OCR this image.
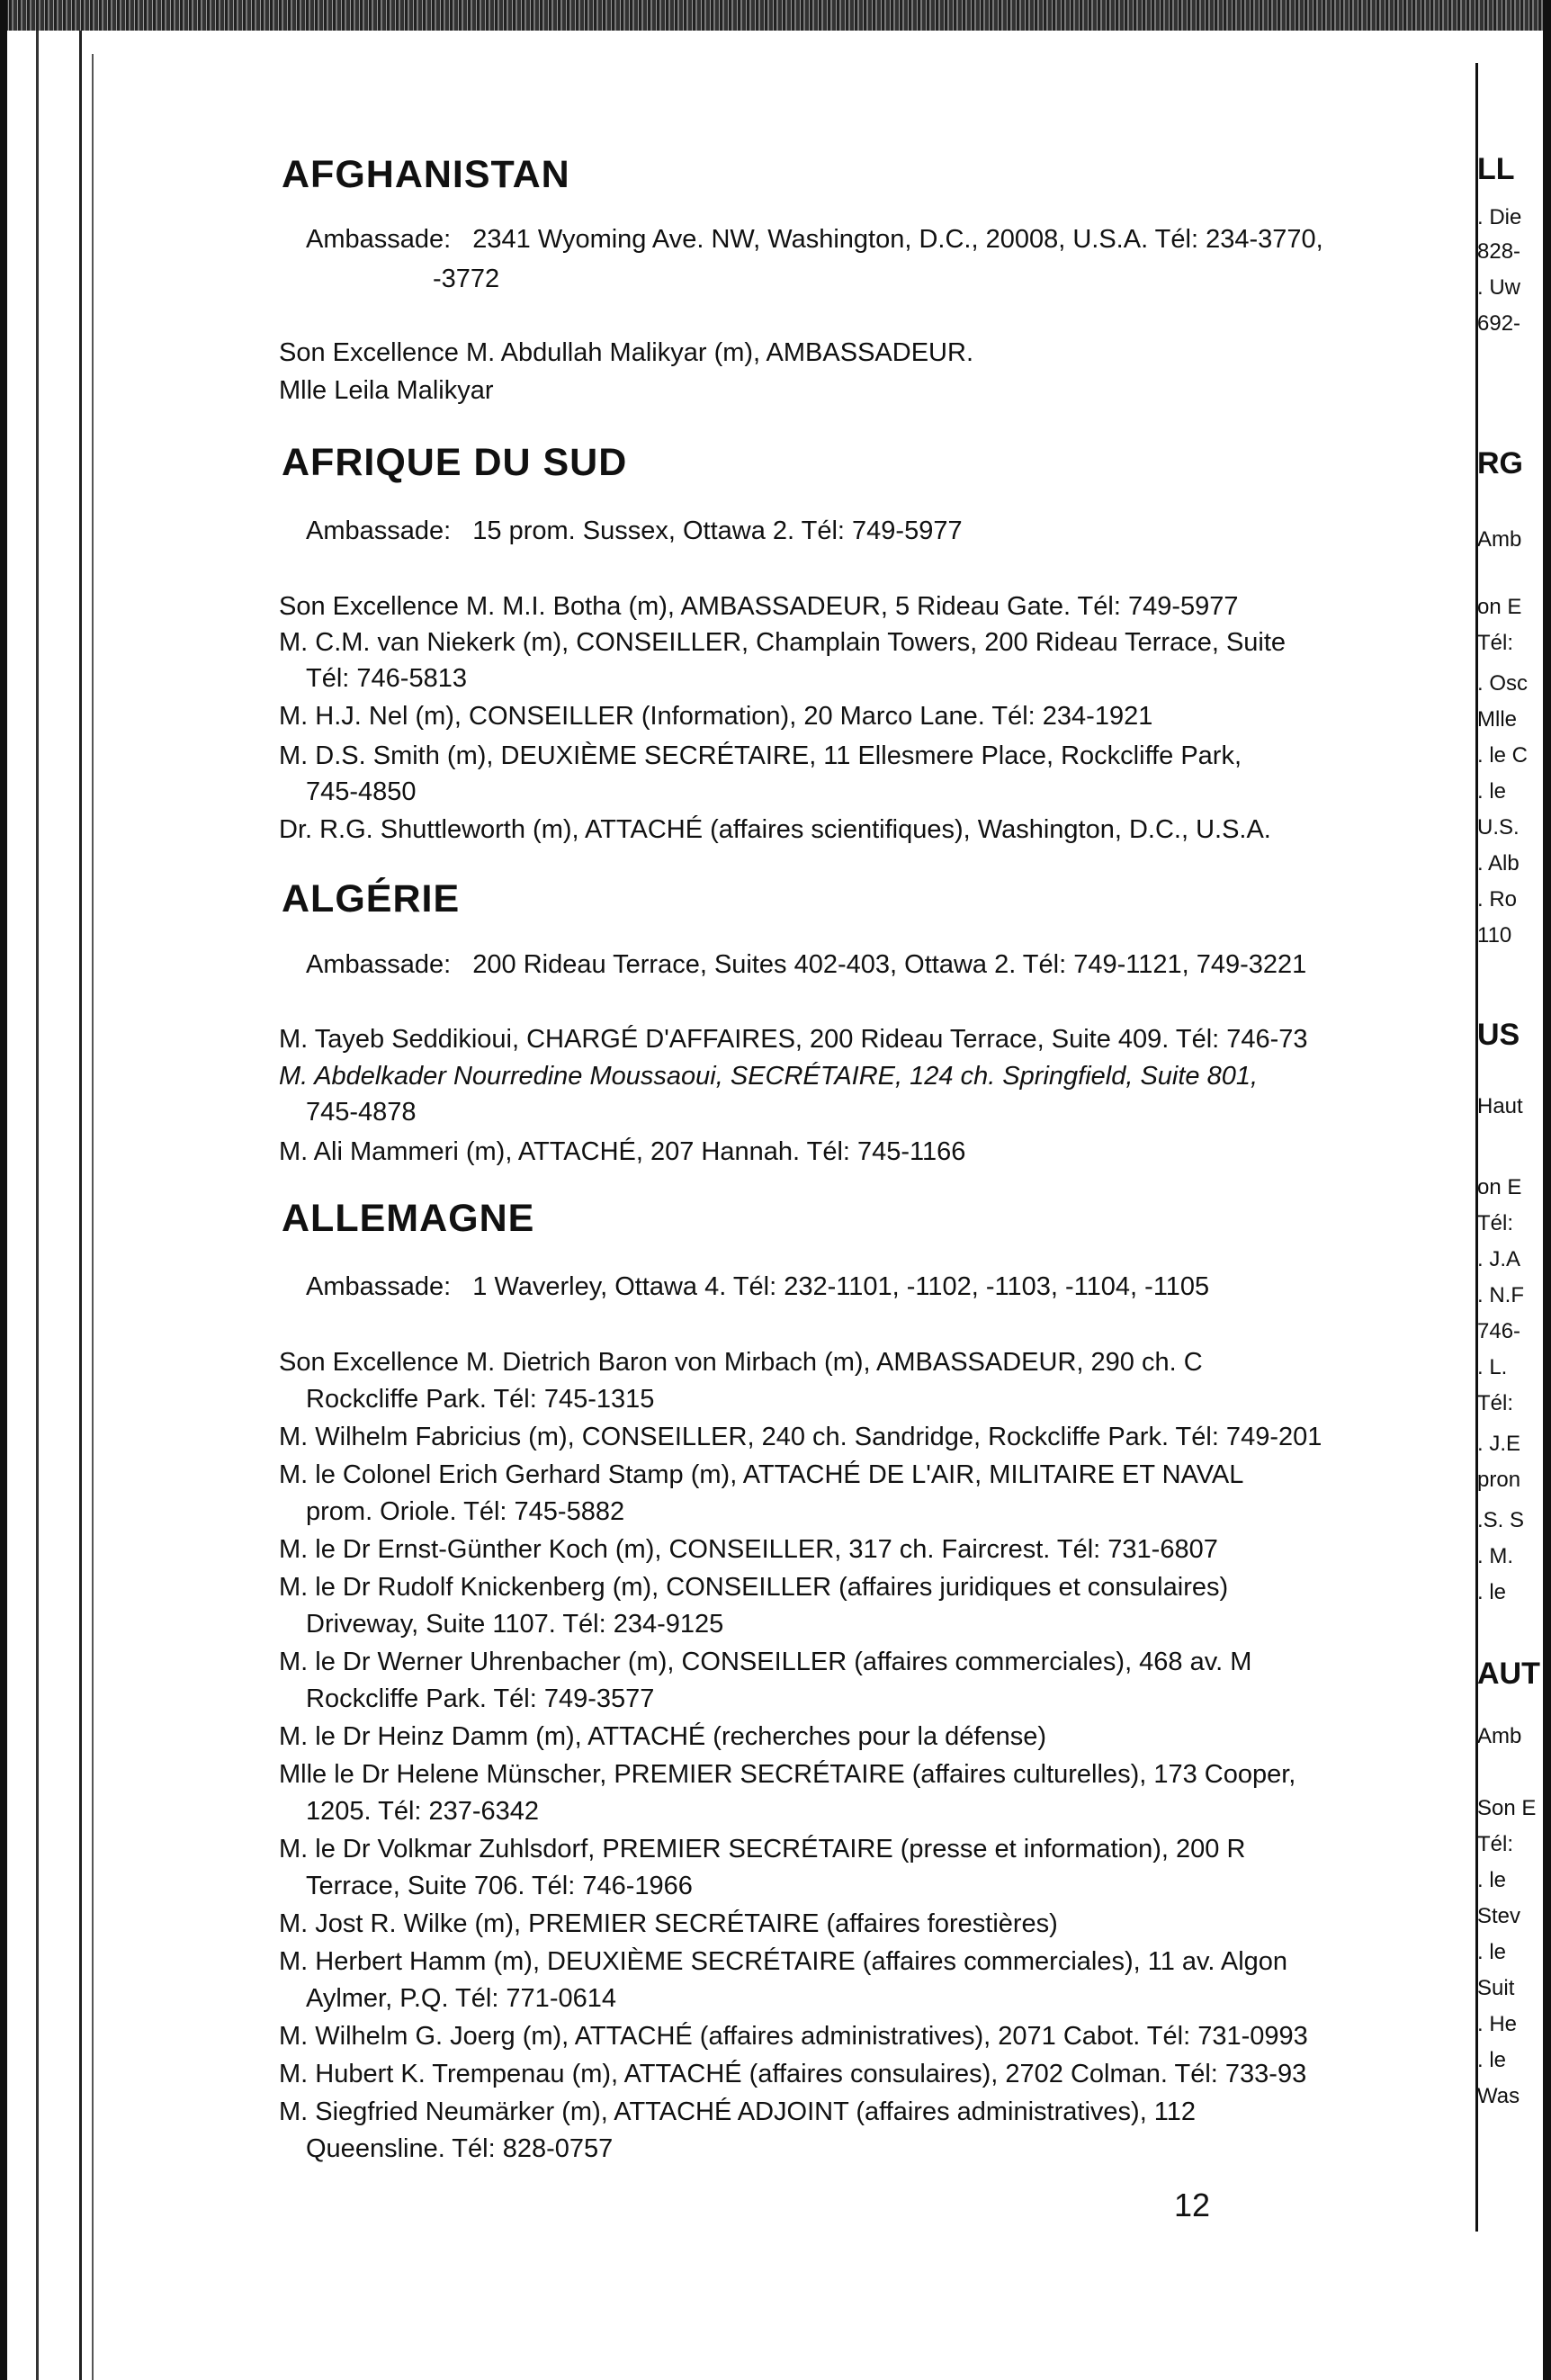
LL
. Die
828-
. Uw
692-
RG
Amb
on E
Tél:
. Osc
Mlle
. le C
. le
U.S.
. Alb
. Ro
110
US
Haut
on E
Tél:
. J.A
. N.F
746-
. L.
Tél:
. J.E
pron
.S. S
. M.
. le
AUT
Amb
Son E
Tél:
. le
Stev
. le
Suit
. He
. le
Was
AFGHANISTAN

Ambassade: 2341 Wyoming Ave. NW, Washington, D.C., 20008, U.S.A. Tél: 234-3770,

-3772

Son Excellence M. Abdullah Malikyar (m), AMBASSADEUR.

Mlle Leila Malikyar

AFRIQUE DU SUD

Ambassade: 15 prom. Sussex, Ottawa 2. Tél: 749-5977

Son Excellence M. M.I. Botha (m), AMBASSADEUR, 5 Rideau Gate. Tél: 749-5977

M. C.M. van Niekerk (m), CONSEILLER, Champlain Towers, 200 Rideau Terrace, Suite

Tél: 746-5813

M. H.J. Nel (m), CONSEILLER (Information), 20 Marco Lane. Tél: 234-1921

M. D.S. Smith (m), DEUXIÈME SECRÉTAIRE, 11 Ellesmere Place, Rockcliffe Park,

745-4850

Dr. R.G. Shuttleworth (m), ATTACHÉ (affaires scientifiques), Washington, D.C., U.S.A.

ALGÉRIE

Ambassade: 200 Rideau Terrace, Suites 402-403, Ottawa 2. Tél: 749-1121, 749-3221

M. Tayeb Seddikioui, CHARGÉ D'AFFAIRES, 200 Rideau Terrace, Suite 409. Tél: 746-73

M. Abdelkader Nourredine Moussaoui, SECRÉTAIRE, 124 ch. Springfield, Suite 801,

745-4878

M. Ali Mammeri (m), ATTACHÉ, 207 Hannah. Tél: 745-1166

ALLEMAGNE

Ambassade: 1 Waverley, Ottawa 4. Tél: 232-1101, -1102, -1103, -1104, -1105

Son Excellence M. Dietrich Baron von Mirbach (m), AMBASSADEUR, 290 ch. C

Rockcliffe Park. Tél: 745-1315

M. Wilhelm Fabricius (m), CONSEILLER, 240 ch. Sandridge, Rockcliffe Park. Tél: 749-201

M. le Colonel Erich Gerhard Stamp (m), ATTACHÉ DE L'AIR, MILITAIRE ET NAVAL

prom. Oriole. Tél: 745-5882

M. le Dr Ernst-Günther Koch (m), CONSEILLER, 317 ch. Faircrest. Tél: 731-6807

M. le Dr Rudolf Knickenberg (m), CONSEILLER (affaires juridiques et consulaires)

Driveway, Suite 1107. Tél: 234-9125

M. le Dr Werner Uhrenbacher (m), CONSEILLER (affaires commerciales), 468 av. M

Rockcliffe Park. Tél: 749-3577

M. le Dr Heinz Damm (m), ATTACHÉ (recherches pour la défense)

Mlle le Dr Helene Münscher, PREMIER SECRÉTAIRE (affaires culturelles), 173 Cooper,

1205. Tél: 237-6342

M. le Dr Volkmar Zuhlsdorf, PREMIER SECRÉTAIRE (presse et information), 200 R

Terrace, Suite 706. Tél: 746-1966

M. Jost R. Wilke (m), PREMIER SECRÉTAIRE (affaires forestières)

M. Herbert Hamm (m), DEUXIÈME SECRÉTAIRE (affaires commerciales), 11 av. Algon

Aylmer, P.Q. Tél: 771-0614

M. Wilhelm G. Joerg (m), ATTACHÉ (affaires administratives), 2071 Cabot. Tél: 731-0993

M. Hubert K. Trempenau (m), ATTACHÉ (affaires consulaires), 2702 Colman. Tél: 733-93

M. Siegfried Neumärker (m), ATTACHÉ ADJOINT (affaires administratives), 112

Queensline. Tél: 828-0757

12
